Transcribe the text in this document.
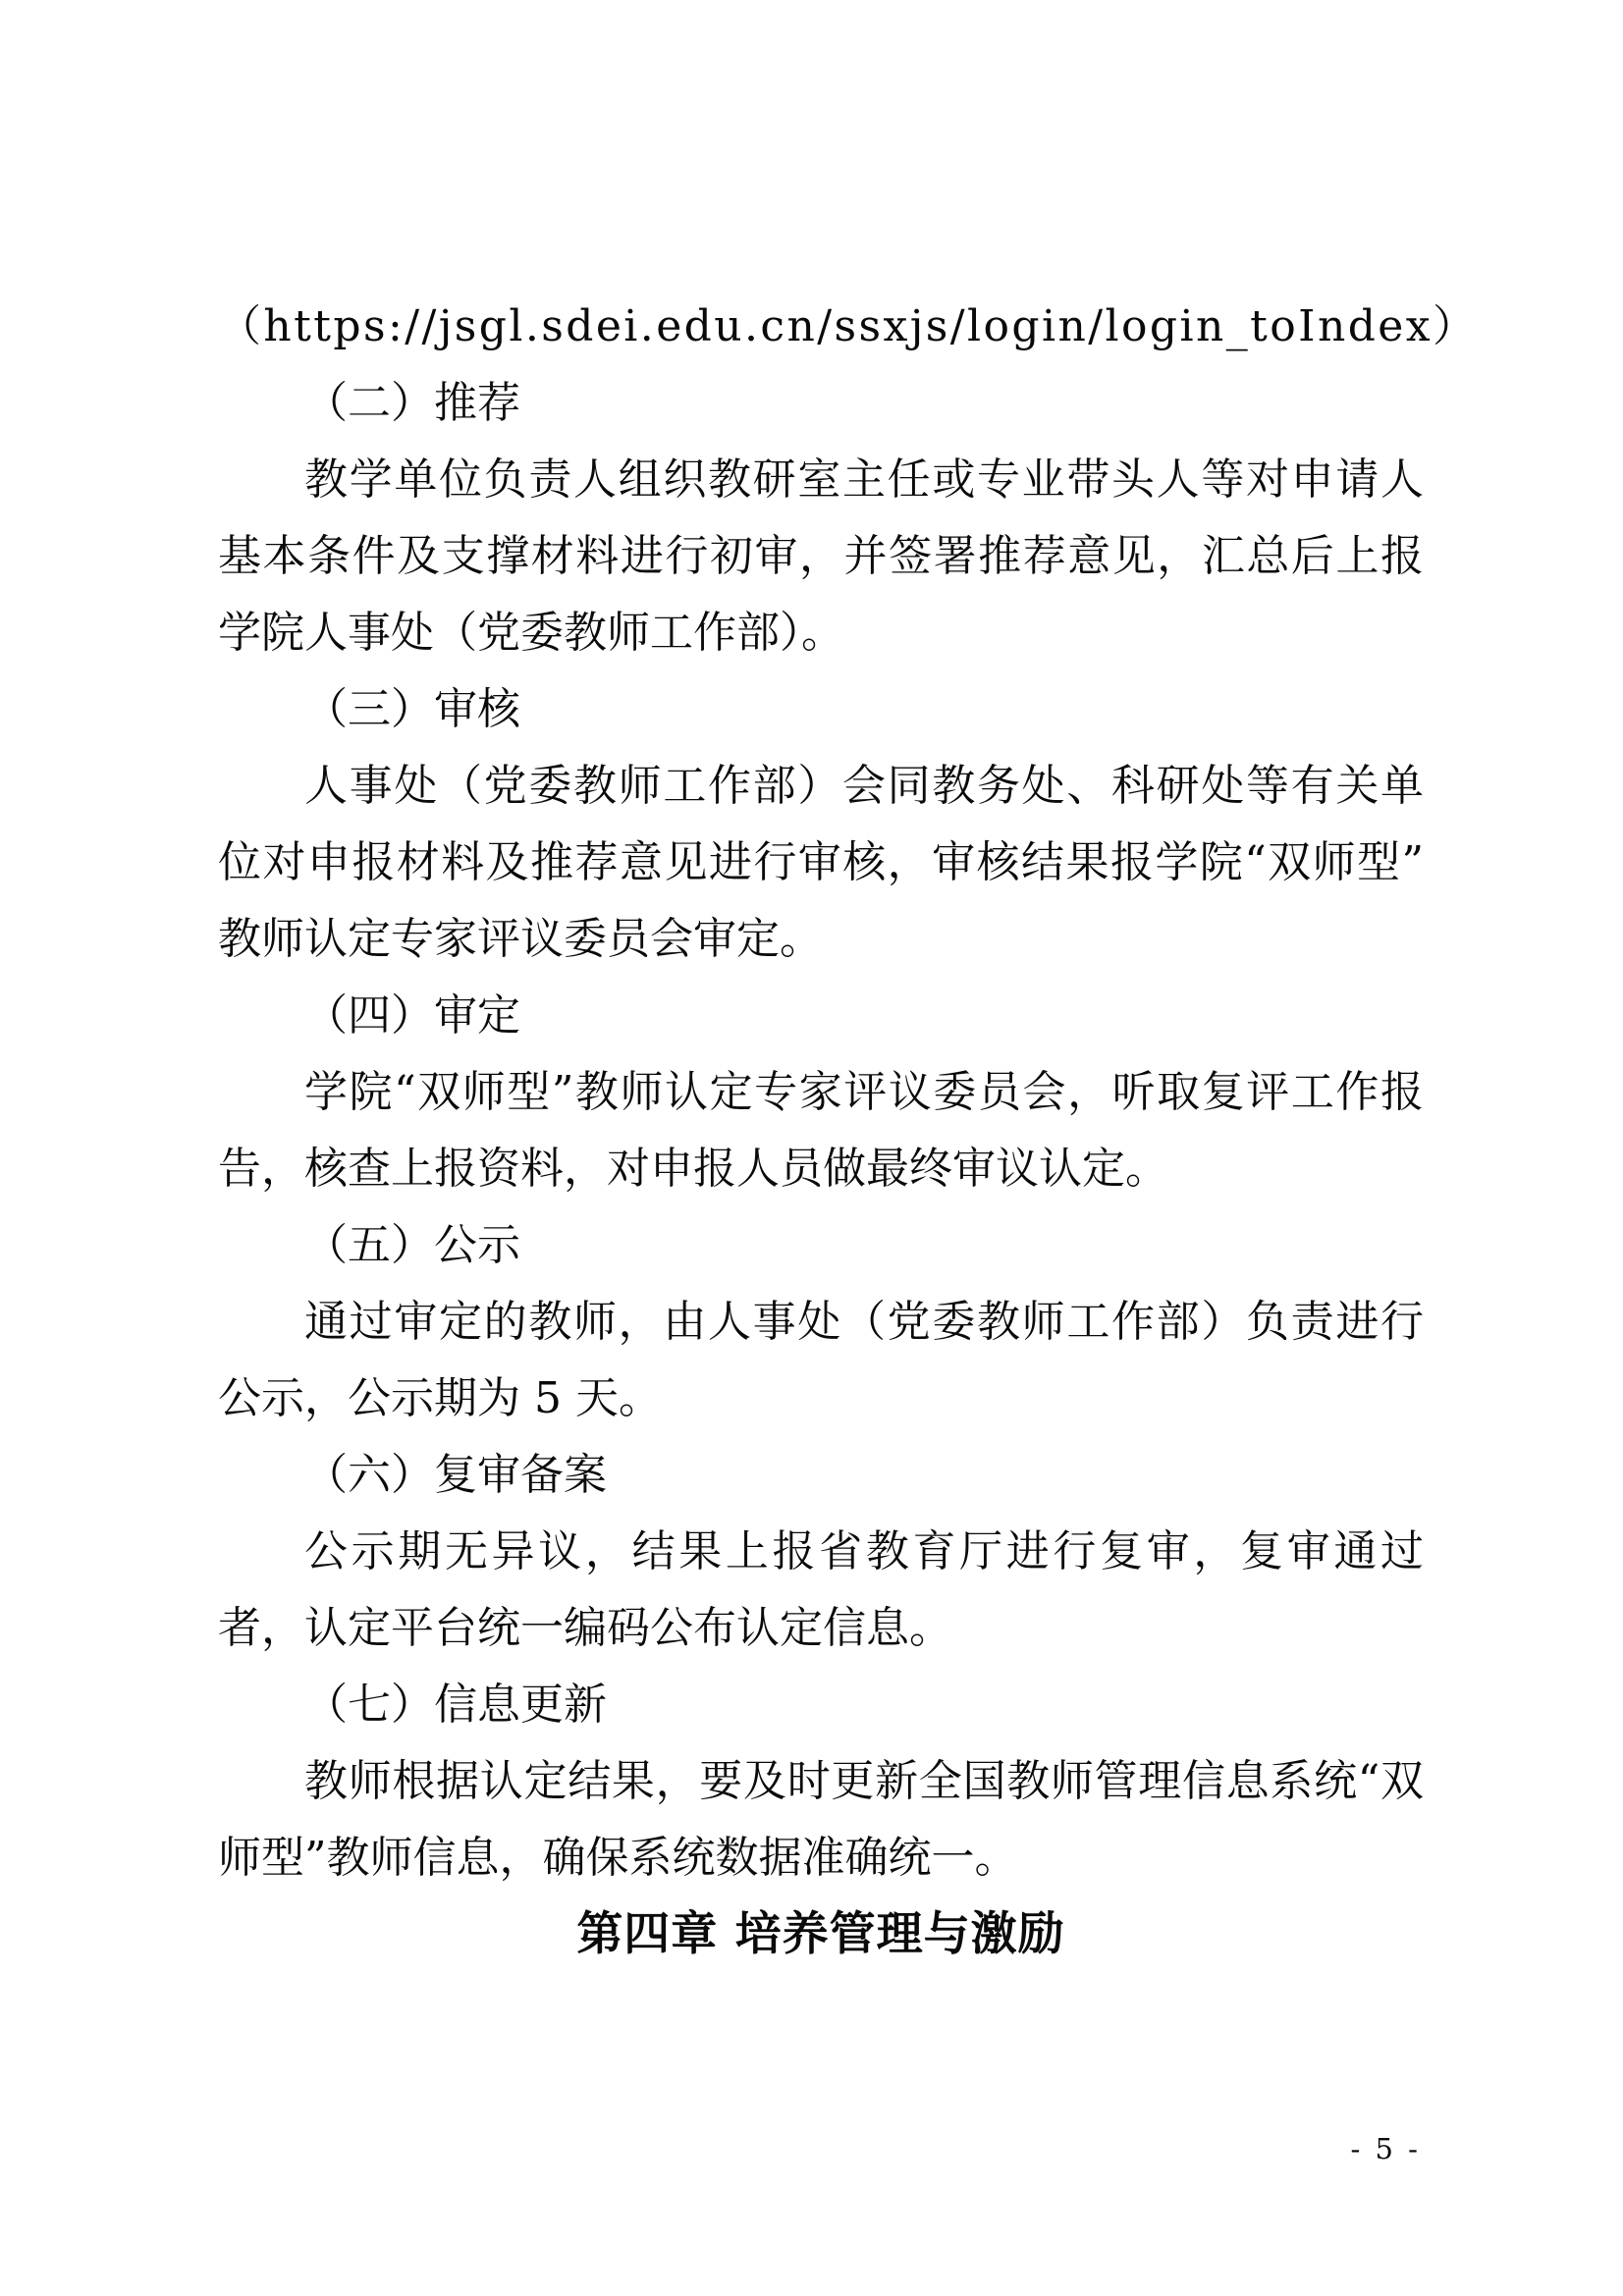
（https://jsgl.sdei.edu.cn/ssxjs/login/login_toIndex）

（二）推荐

教学单位负责人组织教研室主任或专业带头人等对申请人基本条件及支撑材料进行初审，并签署推荐意见，汇总后上报学院人事处（党委教师工作部）。

（三）审核

人事处（党委教师工作部）会同教务处、科研处等有关单位对申报材料及推荐意见进行审核，审核结果报学院“双师型”教师认定专家评议委员会审定。

（四）审定

学院“双师型”教师认定专家评议委员会，听取复评工作报告，核查上报资料，对申报人员做最终审议认定。

（五）公示

通过审定的教师，由人事处（党委教师工作部）负责进行公示，公示期为 5 天。

（六）复审备案

公示期无异议，结果上报省教育厅进行复审，复审通过者，认定平台统一编码公布认定信息。

（七）信息更新

教师根据认定结果，要及时更新全国教师管理信息系统“双师型”教师信息，确保系统数据准确统一。

第四章 培养管理与激励
- 5 -
